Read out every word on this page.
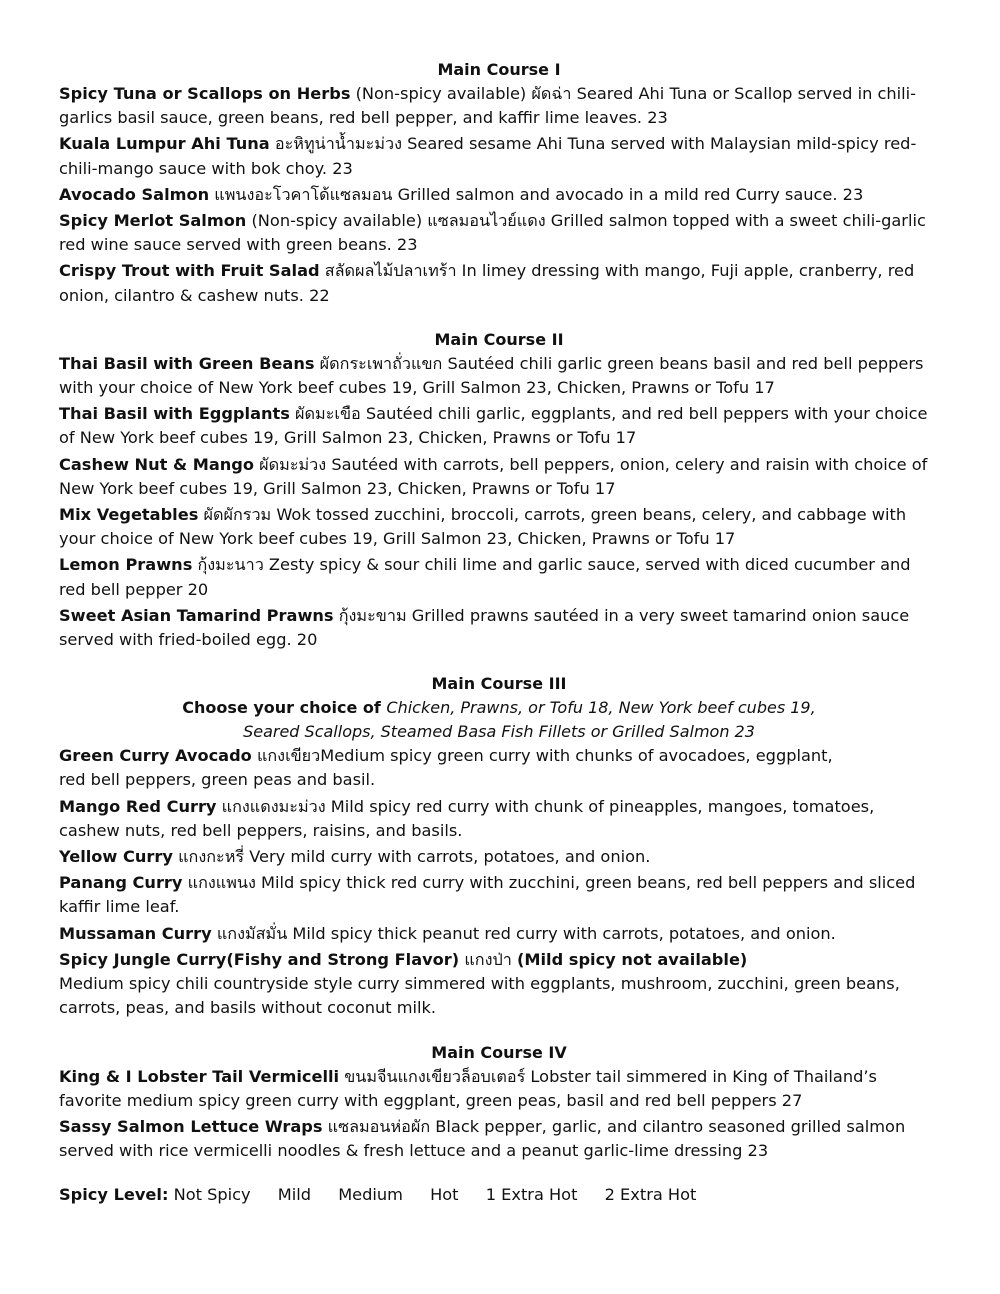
Main Course I

Spicy Tuna or Scallops on Herbs (Non-spicy available) ผัดฉ่า Seared Ahi Tuna or Scallop served in chili-garlics basil sauce, green beans, red bell pepper, and kaffir lime leaves. 23

Kuala Lumpur Ahi Tuna อะหิทูน่าน้ำมะม่วง Seared sesame Ahi Tuna served with Malaysian mild-spicy red-chili-mango sauce with bok choy. 23

Avocado Salmon แพนงอะโวคาโด้แซลมอน Grilled salmon and avocado in a mild red Curry sauce. 23

Spicy Merlot Salmon (Non-spicy available) แซลมอนไวย์แดง Grilled salmon topped with a sweet chili-garlic red wine sauce served with green beans. 23

Crispy Trout with Fruit Salad สลัดผลไม้ปลาเทร้า In limey dressing with mango, Fuji apple, cranberry, red onion, cilantro & cashew nuts. 22

Main Course II

Thai Basil with Green Beans ผัดกระเพาถั่วแขก Sautéed chili garlic green beans basil and red bell peppers with your choice of New York beef cubes 19, Grill Salmon 23, Chicken, Prawns or Tofu 17

Thai Basil with Eggplants ผัดมะเขือ Sautéed chili garlic, eggplants, and red bell peppers with your choice of New York beef cubes 19, Grill Salmon 23, Chicken, Prawns or Tofu 17

Cashew Nut & Mango ผัดมะม่วง Sautéed with carrots, bell peppers, onion, celery and raisin with choice of New York beef cubes 19, Grill Salmon 23, Chicken, Prawns or Tofu 17

Mix Vegetables ผัดผักรวม Wok tossed zucchini, broccoli, carrots, green beans, celery, and cabbage with your choice of New York beef cubes 19, Grill Salmon 23, Chicken, Prawns or Tofu 17

Lemon Prawns กุ้งมะนาว Zesty spicy & sour chili lime and garlic sauce, served with diced cucumber and red bell pepper 20

Sweet Asian Tamarind Prawns กุ้งมะขาม Grilled prawns sautéed in a very sweet tamarind onion sauce served with fried-boiled egg. 20

Main Course III

Choose your choice of Chicken, Prawns, or Tofu 18, New York beef cubes 19,

Seared Scallops, Steamed Basa Fish Fillets or Grilled Salmon 23

Green Curry Avocado แกงเขียวMedium spicy green curry with chunks of avocadoes, eggplant,
red bell peppers, green peas and basil.

Mango Red Curry แกงแดงมะม่วง Mild spicy red curry with chunk of pineapples, mangoes, tomatoes, cashew nuts, red bell peppers, raisins, and basils.

Yellow Curry แกงกะหรี่ Very mild curry with carrots, potatoes, and onion.

Panang Curry แกงแพนง Mild spicy thick red curry with zucchini, green beans, red bell peppers and sliced kaffir lime leaf.

Mussaman Curry แกงมัสมั่น Mild spicy thick peanut red curry with carrots, potatoes, and onion.

Spicy Jungle Curry(Fishy and Strong Flavor) แกงป่า (Mild spicy not available)
Medium spicy chili countryside style curry simmered with eggplants, mushroom, zucchini, green beans, carrots, peas, and basils without coconut milk.

Main Course IV

King & I Lobster Tail Vermicelli ขนมจีนแกงเขียวล็อบเตอร์ Lobster tail simmered in King of Thailand’s favorite medium spicy green curry with eggplant, green peas, basil and red bell peppers 27

Sassy Salmon Lettuce Wraps แซลมอนห่อผัก Black pepper, garlic, and cilantro seasoned grilled salmon served with rice vermicelli noodles & fresh lettuce and a peanut garlic-lime dressing 23

Spicy Level: Not Spicy Mild Medium Hot 1 Extra Hot 2 Extra Hot
